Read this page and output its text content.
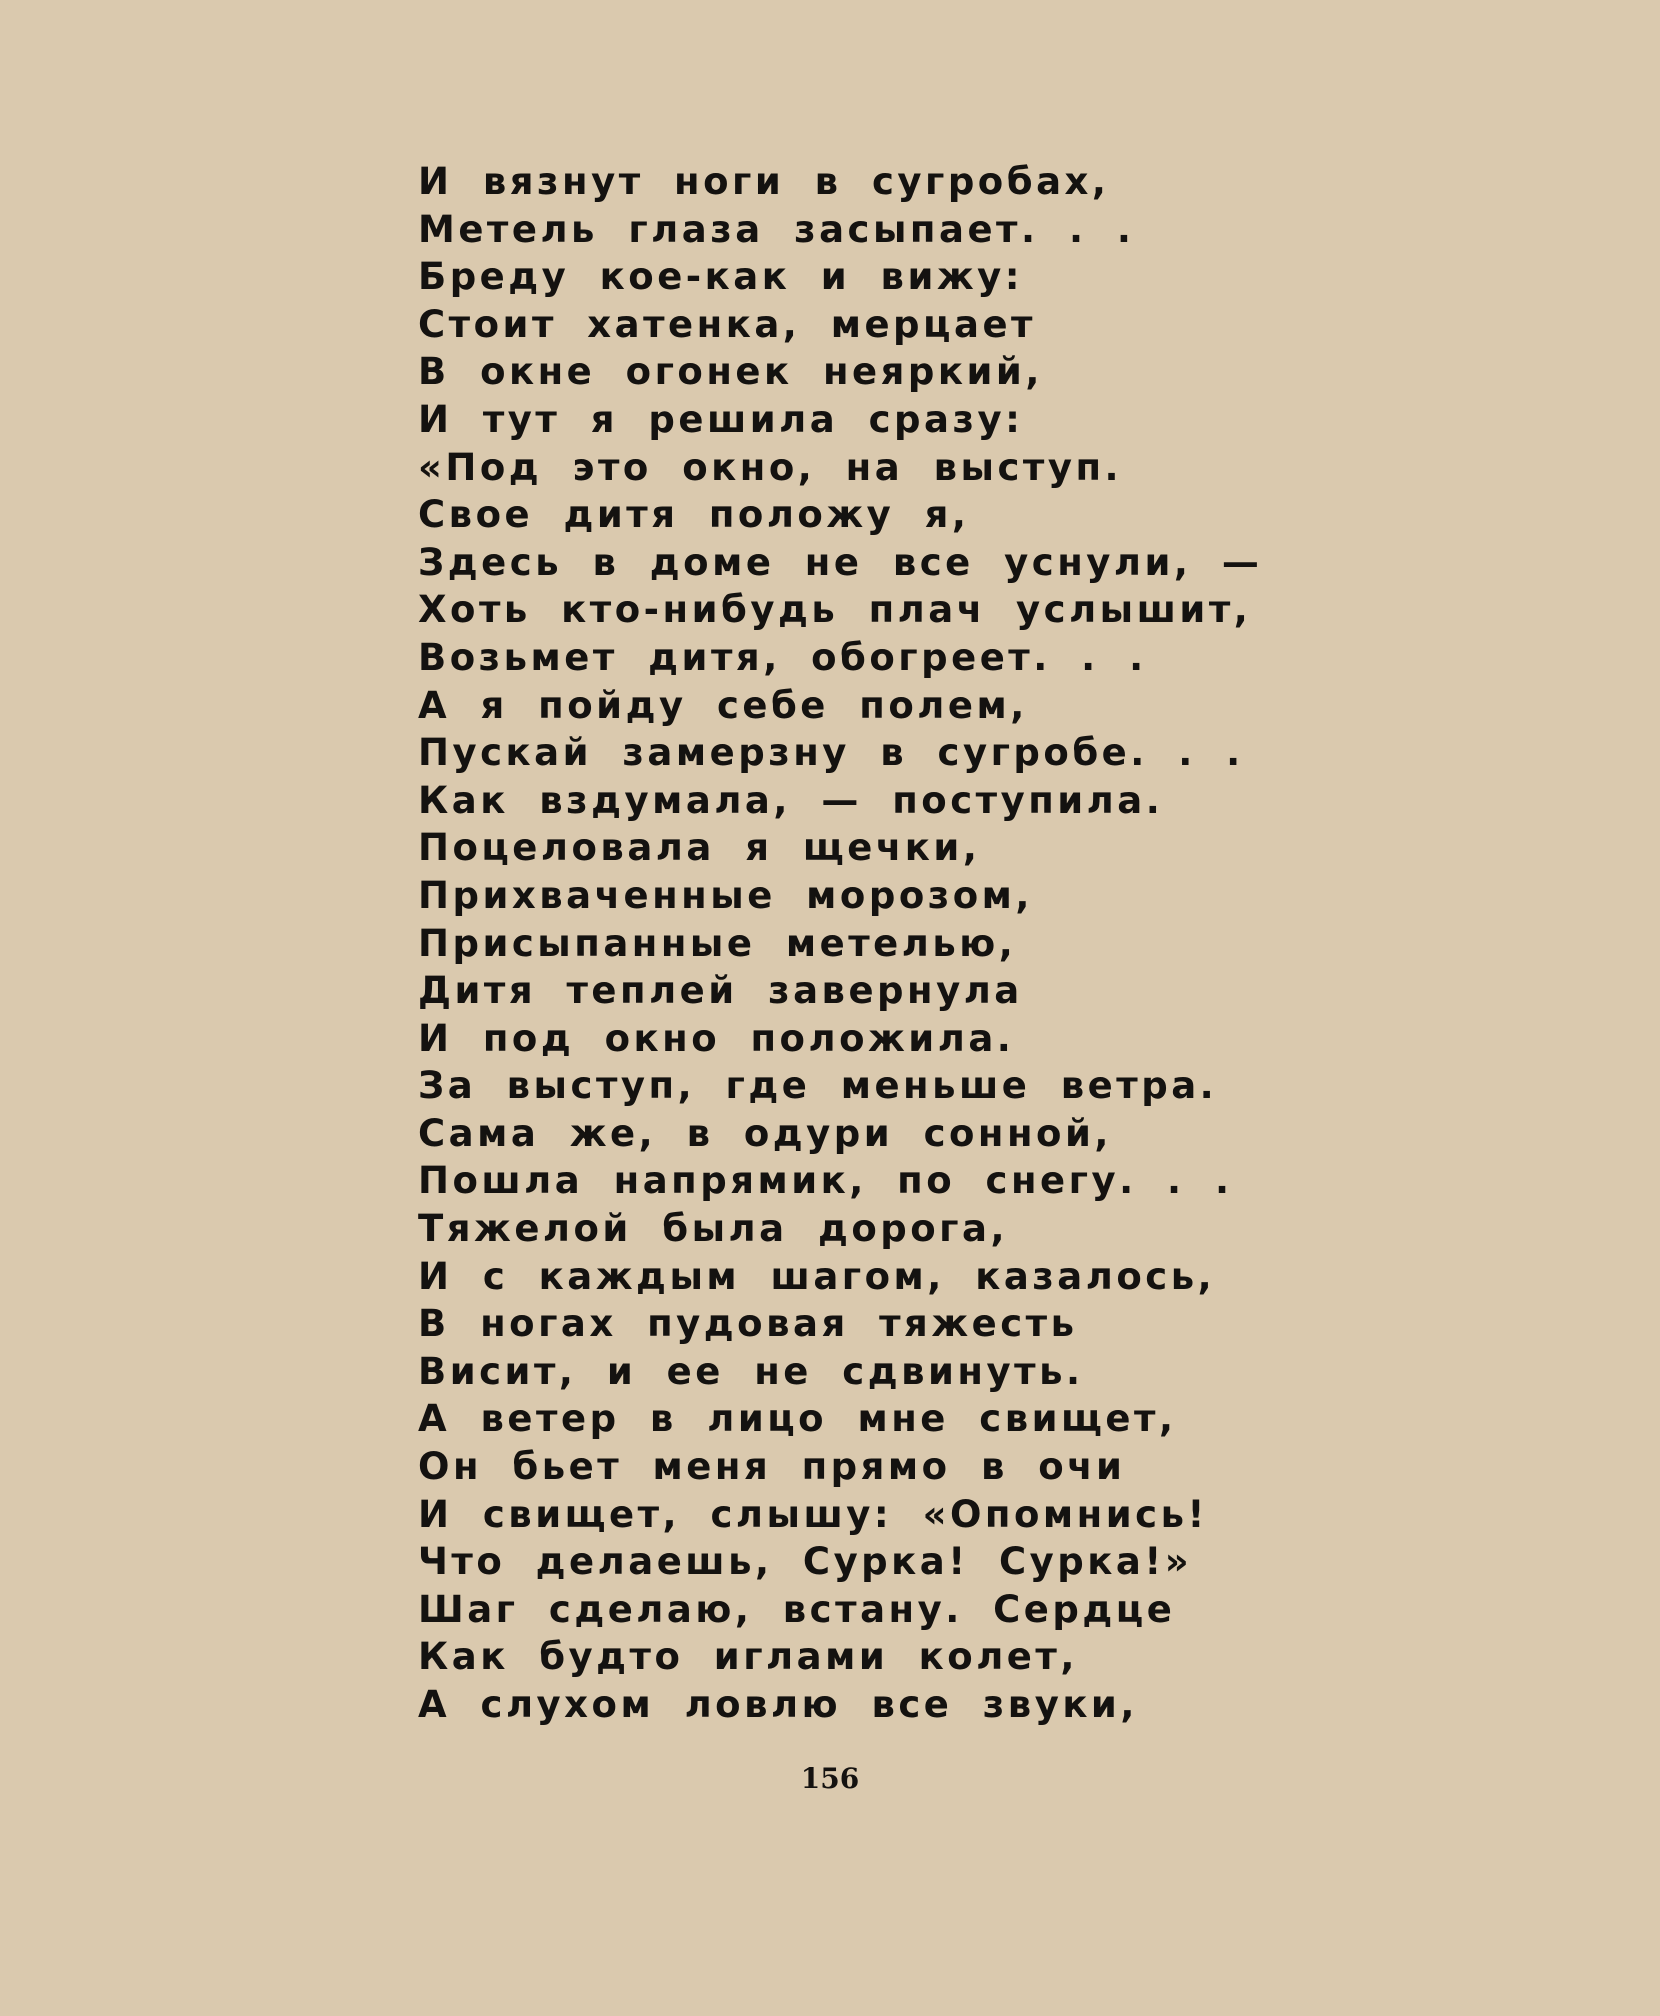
И вязнут ноги в сугробах,
Метель глаза засыпает. . .
Бреду кое-как и вижу:
Стоит хатенка, мерцает
В окне огонек неяркий,
И тут я решила сразу:
«Под это окно, на выступ.
Свое дитя положу я,
Здесь в доме не все уснули, —
Хоть кто-нибудь плач услышит,
Возьмет дитя, обогреет. . .
А я пойду себе полем,
Пускай замерзну в сугробе. . .
Как вздумала, — поступила.
Поцеловала я щечки,
Прихваченные морозом,
Присыпанные метелью,
Дитя теплей завернула
И под окно положила.
За выступ, где меньше ветра.
Сама же, в одури сонной,
Пошла напрямик, по снегу. . .
Тяжелой была дорога,
И с каждым шагом, казалось,
В ногах пудовая тяжесть
Висит, и ее не сдвинуть.
А ветер в лицо мне свищет,
Он бьет меня прямо в очи
И свищет, слышу: «Опомнись!
Что делаешь, Сурка! Сурка!»
Шаг сделаю, встану. Сердце
Как будто иглами колет,
А слухом ловлю все звуки,
156
